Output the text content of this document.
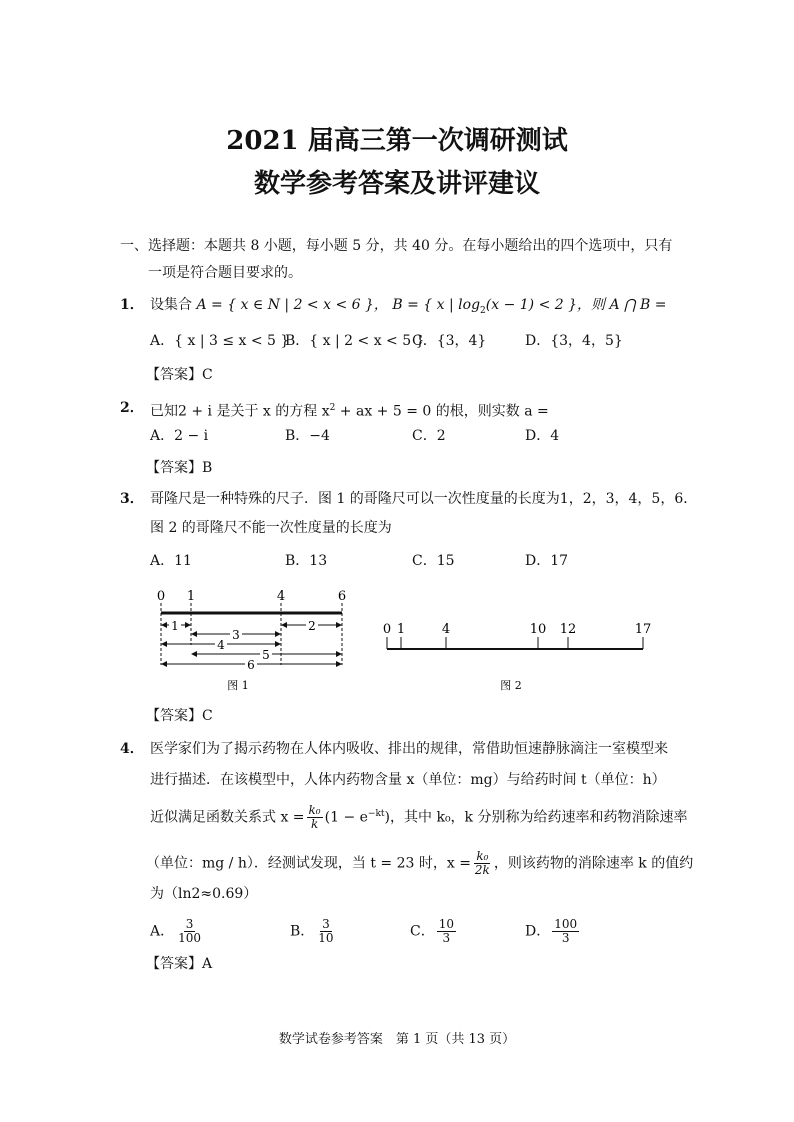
2021 届高三第一次调研测试
数学参考答案及讲评建议
一、选择题：本题共 8 小题，每小题 5 分，共 40 分。在每小题给出的四个选项中，只有
一项是符合题目要求的。
1． 设集合 A = { x ∈ N | 2 < x < 6 }， B = { x | $\log_2(x - 1) < 2$ }，则 A ⋂ B =
A．{ x | 3 ≤ x < 5 }
B．{ x | 2 < x < 5 }
C．{3，4}	D．{3，4，5}
【答案】C
2． 已知2 + i 是关于 x 的方程 $x^2$ + ax + 5 = 0 的根，则实数 a =
A．2 − i	B．−4	C．2	D．4
【答案】B
3． 哥隆尺是一种特殊的尺子．图 1 的哥隆尺可以一次性度量的长度为1，2，3，4，5，6．
图 2 的哥隆尺不能一次性度量的长度为
A．11	B．13	C．15	D．17
0 1	4	6
1
3
2
4
5
6
图 1
0 1	4	10 12	17
图 2
【答案】C
4． 医学家们为了揭示药物在人体内吸收、排出的规律，常借助恒速静脉滴注一室模型来
进行描述．在该模型中，人体内药物含量 x（单位：mg）与给药时间 t（单位：h）
近似满足函数关系式 $x = \frac{\text{k₀}}{k} (1 - e^{-kt})$，其中 k₀，k 分别称为给药速率和药物消除速率
（单位：mg / h）．经测试发现，当 t = 23 时，$x = \frac{\text{k₀}}{2k}$ ，则该药物的消除速率 k 的值约
为（ln2≈0.69）
A． $\frac{3}{100}$	B． $\frac{3}{10}$	C． $\frac{10}{3}$	D． $\frac{100}{3}$
【答案】A
数学试卷参考答案　第 1 页（共 13 页）
